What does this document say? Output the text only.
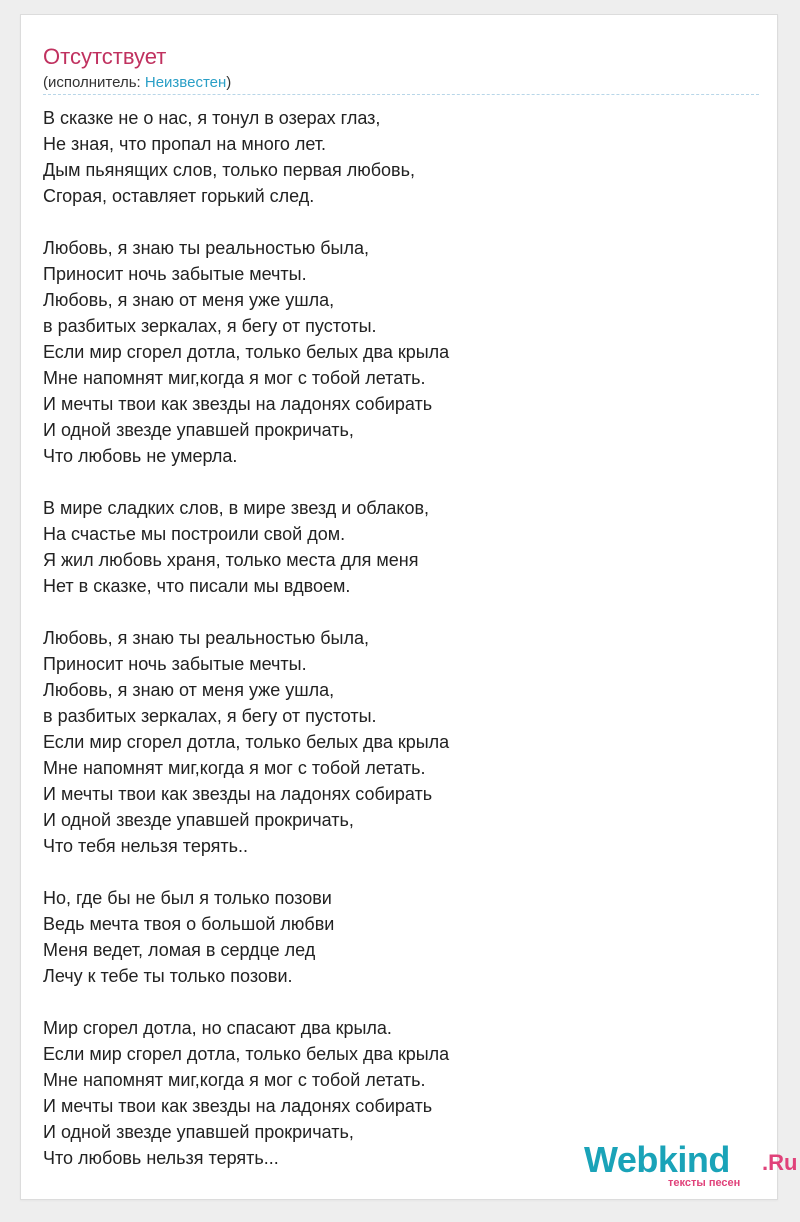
Отсутствует
(исполнитель: Неизвестен)
В сказке не о нас, я тонул в озерах глаз,
Не зная, что пропал на много лет.
Дым пьянящих слов, только первая любовь,
Сгорая, оставляет горький след.
Любовь, я знаю ты реальностью была,
Приносит ночь забытые мечты.
Любовь, я знаю от меня уже ушла,
в разбитых зеркалах, я бегу от пустоты.
Если мир сгорел дотла, только белых два крыла
Мне напомнят миг,когда я мог с тобой летать.
И мечты твои как звезды на ладонях собирать
И одной звезде упавшей прокричать,
Что любовь не умерла.
В мире сладких слов, в мире звезд и облаков,
На счастье мы построили свой дом.
Я жил любовь храня, только места для меня
Нет в сказке, что писали мы вдвоем.
Любовь, я знаю ты реальностью была,
Приносит ночь забытые мечты.
Любовь, я знаю от меня уже ушла,
в разбитых зеркалах, я бегу от пустоты.
Если мир сгорел дотла, только белых два крыла
Мне напомнят миг,когда я мог с тобой летать.
И мечты твои как звезды на ладонях собирать
И одной звезде упавшей прокричать,
Что тебя нельзя терять..
Но, где бы не был я только позови
Ведь мечта твоя о большой любви
Меня ведет, ломая в сердце лед
Лечу к тебе ты только позови.
Мир сгорел дотла, но спасают два крыла.
Если мир сгорел дотла, только белых два крыла
Мне напомнят миг,когда я мог с тобой летать.
И мечты твои как звезды на ладонях собирать
И одной звезде упавшей прокричать,
Что любовь нельзя терять...	Webkind .Ru
тексты песен
